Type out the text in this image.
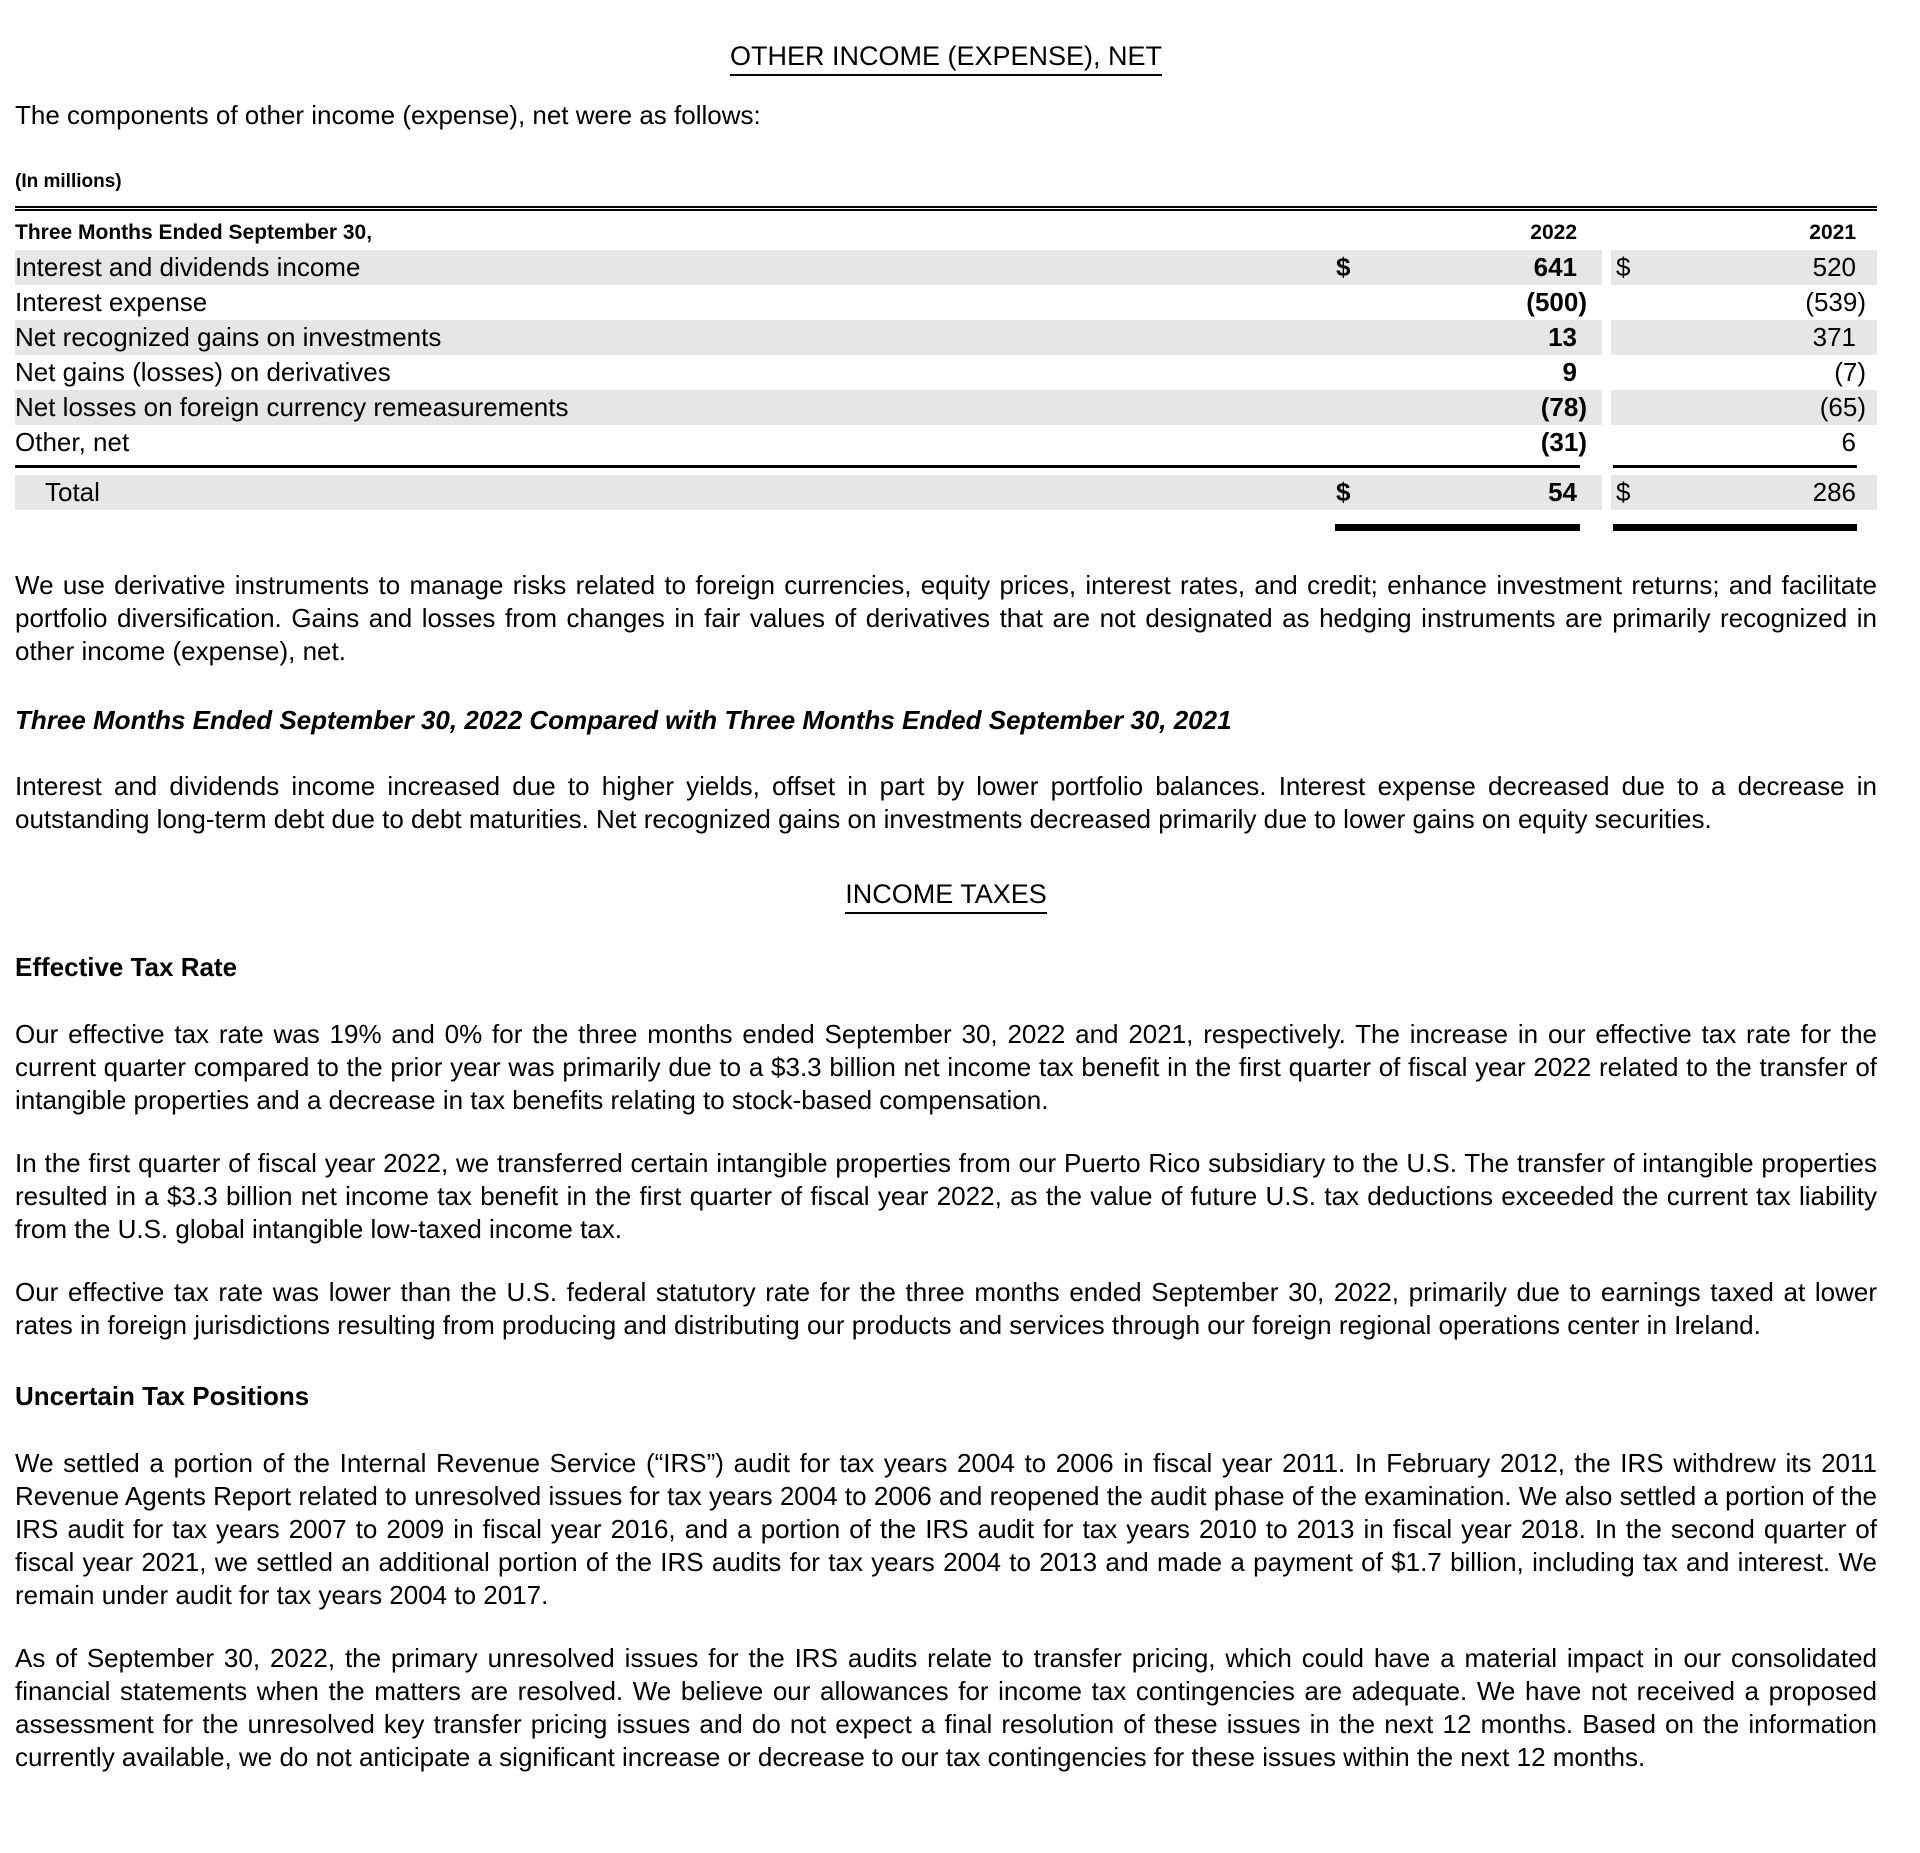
OTHER INCOME (EXPENSE), NET

The components of other income (expense), net were as follows:

(In millions)
Three Months Ended September 30,	2022	2021
Interest and dividends income	$	641 $	520
Interest expense	(500)	(539)
Net recognized gains on investments	13	371
Net gains (losses) on derivatives	9	(7)
Net losses on foreign currency remeasurements	(78)	(65)
Other, net	(31)	6
Total	$	54 $	286

We use derivative instruments to manage risks related to foreign currencies, equity prices, interest rates, and credit; enhance investment returns; and facilitate portfolio diversification. Gains and losses from changes in fair values of derivatives that are not designated as hedging instruments are primarily recognized in other income (expense), net.

Three Months Ended September 30, 2022 Compared with Three Months Ended September 30, 2021

Interest and dividends income increased due to higher yields, offset in part by lower portfolio balances. Interest expense decreased due to a decrease in outstanding long-term debt due to debt maturities. Net recognized gains on investments decreased primarily due to lower gains on equity securities.

INCOME TAXES
Effective Tax Rate

Our effective tax rate was 19% and 0% for the three months ended September 30, 2022 and 2021, respectively. The increase in our effective tax rate for the current quarter compared to the prior year was primarily due to a $3.3 billion net income tax benefit in the first quarter of fiscal year 2022 related to the transfer of intangible properties and a decrease in tax benefits relating to stock-based compensation.

In the first quarter of fiscal year 2022, we transferred certain intangible properties from our Puerto Rico subsidiary to the U.S. The transfer of intangible properties resulted in a $3.3 billion net income tax benefit in the first quarter of fiscal year 2022, as the value of future U.S. tax deductions exceeded the current tax liability from the U.S. global intangible low-taxed income tax.

Our effective tax rate was lower than the U.S. federal statutory rate for the three months ended September 30, 2022, primarily due to earnings taxed at lower rates in foreign jurisdictions resulting from producing and distributing our products and services through our foreign regional operations center in Ireland.

Uncertain Tax Positions

We settled a portion of the Internal Revenue Service (“IRS”) audit for tax years 2004 to 2006 in fiscal year 2011. In February 2012, the IRS withdrew its 2011 Revenue Agents Report related to unresolved issues for tax years 2004 to 2006 and reopened the audit phase of the examination. We also settled a portion of the IRS audit for tax years 2007 to 2009 in fiscal year 2016, and a portion of the IRS audit for tax years 2010 to 2013 in fiscal year 2018. In the second quarter of fiscal year 2021, we settled an additional portion of the IRS audits for tax years 2004 to 2013 and made a payment of $1.7 billion, including tax and interest. We remain under audit for tax years 2004 to 2017.

As of September 30, 2022, the primary unresolved issues for the IRS audits relate to transfer pricing, which could have a material impact in our consolidated financial statements when the matters are resolved. We believe our allowances for income tax contingencies are adequate. We have not received a proposed assessment for the unresolved key transfer pricing issues and do not expect a final resolution of these issues in the next 12 months. Based on the information currently available, we do not anticipate a significant increase or decrease to our tax contingencies for these issues within the next 12 months.
